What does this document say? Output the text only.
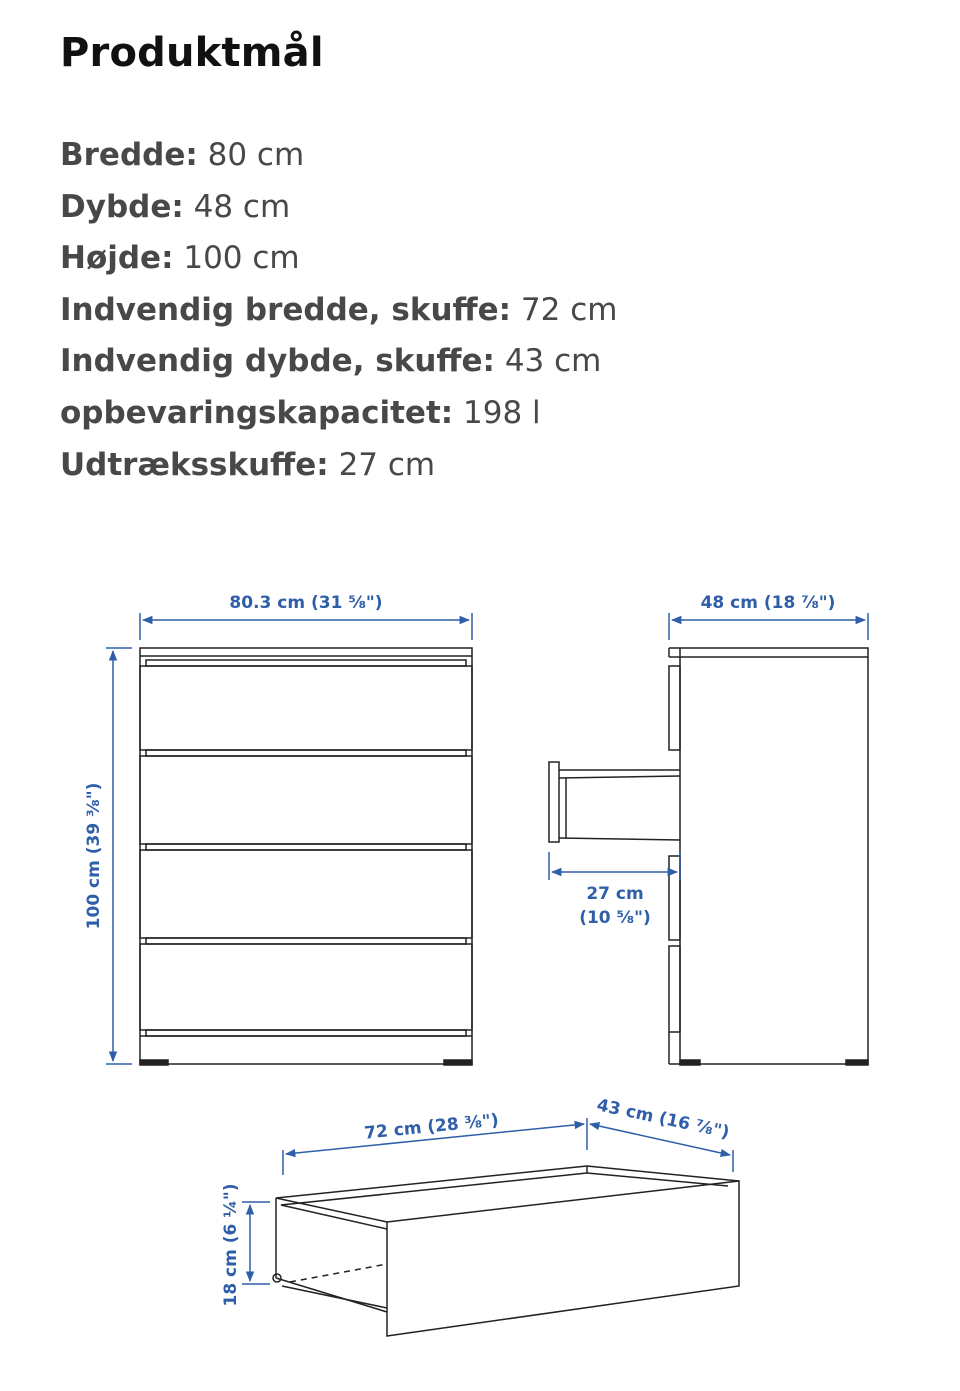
Produktmål
Bredde: 80 cm
Dybde: 48 cm
Højde: 100 cm
Indvendig bredde, skuffe: 72 cm
Indvendig dybde, skuffe: 43 cm
opbevaringskapacitet: 198 l
Udtræksskuffe: 27 cm
80.3 cm (31 ⅝")
100 cm (39 ⅜")
48 cm (18 ⅞")
27 cm
(10 ⅝")
72 cm (28 ⅜")	43 cm (16 ⅞")
18 cm (6 ¼")
